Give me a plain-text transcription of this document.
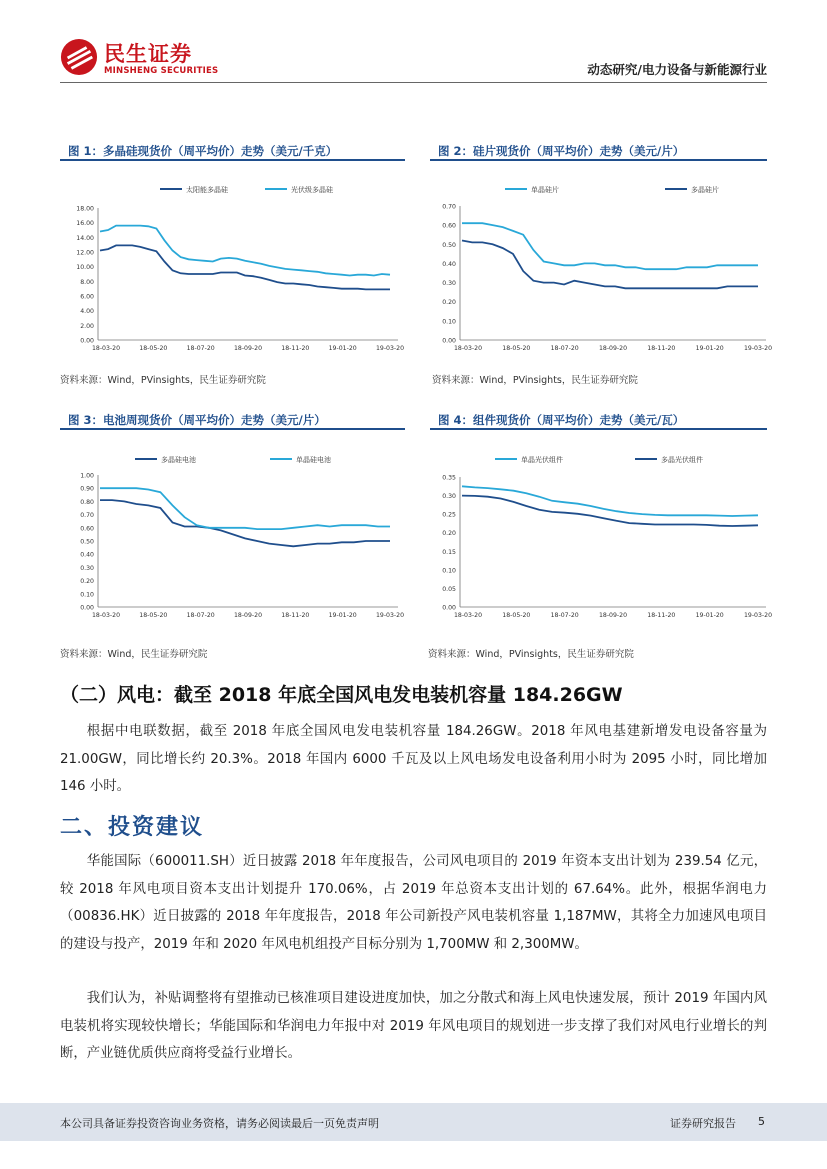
民生证券
MINSHENG SECURITIES	动态研究/电力设备与新能源行业
图 1：多晶硅现货价（周平均价）走势（美元/千克）
0.00
2.00
4.00
6.00
8.00
10.00
12.00
14.00
16.00
18.00
18-03-20	18-05-20	18-07-20	18-09-20	18-11-20	19-01-20	19-03-20
太阳能多晶硅	光伏级多晶硅
资料来源：Wind，PVinsights，民生证券研究院
图 2：硅片现货价（周平均价）走势（美元/片）
0.00
0.10
0.20
0.30
0.40
0.50
0.60
0.70
18-03-20	18-05-20	18-07-20	18-09-20	18-11-20	19-01-20	19-03-20
单晶硅片	多晶硅片
资料来源：Wind，PVinsights，民生证券研究院
图 3：电池周现货价（周平均价）走势（美元/片）
0.00
0.10
0.20
0.30
0.40
0.50
0.60
0.70
0.80
0.90
1.00
18-03-20	18-05-20	18-07-20	18-09-20	18-11-20	19-01-20	19-03-20
多晶硅电池	单晶硅电池
资料来源：Wind，民生证券研究院
图 4：组件现货价（周平均价）走势（美元/瓦）
0.00
0.05
0.10
0.15
0.20
0.25
0.30
0.35
18-03-20	18-05-20	18-07-20	18-09-20	18-11-20	19-01-20	19-03-20
单晶光伏组件	多晶光伏组件
资料来源：Wind，PVinsights，民生证券研究院
（二）风电：截至 2018 年底全国风电发电装机容量 184.26GW

根据中电联数据，截至 2018 年底全国风电发电装机容量 184.26GW。2018 年风电基建新增发电设备容量为 21.00GW，同比增长约 20.3%。2018 年国内 6000 千瓦及以上风电场发电设备利用小时为 2095 小时，同比增加 146 小时。

二、投资建议

华能国际（600011.SH）近日披露 2018 年年度报告，公司风电项目的 2019 年资本支出计划为 239.54 亿元，较 2018 年风电项目资本支出计划提升 170.06%，占 2019 年总资本支出计划的 67.64%。此外，根据华润电力（00836.HK）近日披露的 2018 年年度报告，2018 年公司新投产风电装机容量 1,187MW，其将全力加速风电项目的建设与投产，2019 年和 2020 年风电机组投产目标分别为 1,700MW 和 2,300MW。

我们认为，补贴调整将有望推动已核准项目建设进度加快，加之分散式和海上风电快速发展，预计 2019 年国内风电装机将实现较快增长；华能国际和华润电力年报中对 2019 年风电项目的规划进一步支撑了我们对风电行业增长的判断，产业链优质供应商将受益行业增长。

本公司具备证券投资咨询业务资格，请务必阅读最后一页免责声明	证券研究报告 5
